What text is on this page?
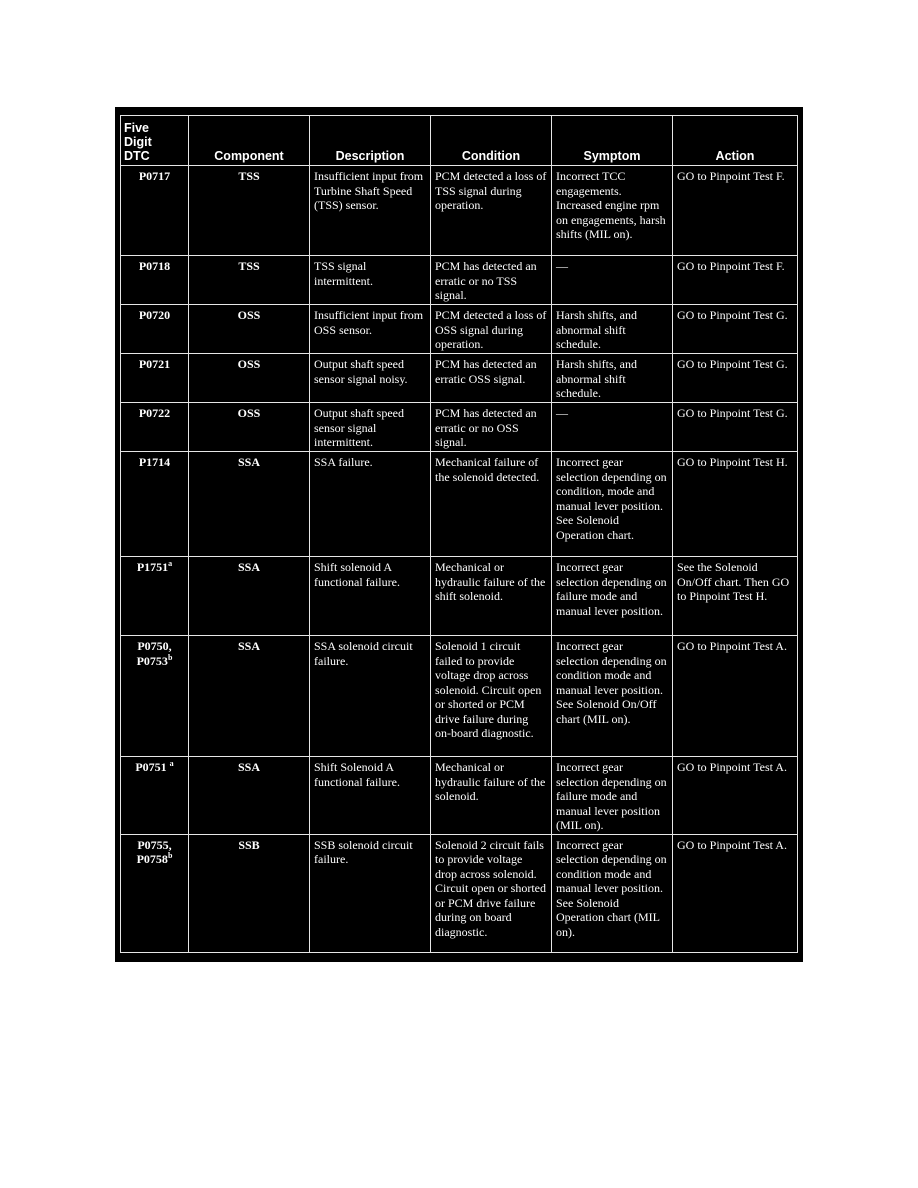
Five
Digit
DTC	Component	Description	Condition	Symptom	Action
P0717	TSS	Insufficient input from Turbine Shaft Speed (TSS) sensor.	PCM detected a loss of TSS signal during operation.	Incorrect TCC engagements. Increased engine rpm on engagements, harsh shifts (MIL on).	GO to Pinpoint Test F.
P0718	TSS	TSS signal intermittent.	PCM has detected an erratic or no TSS signal.	—	GO to Pinpoint Test F.
P0720	OSS	Insufficient input from OSS sensor.	PCM detected a loss of OSS signal during operation.	Harsh shifts, and abnormal shift schedule.	GO to Pinpoint Test G.
P0721	OSS	Output shaft speed sensor signal noisy.	PCM has detected an erratic OSS signal.	Harsh shifts, and abnormal shift schedule.	GO to Pinpoint Test G.
P0722	OSS	Output shaft speed sensor signal intermittent.	PCM has detected an erratic or no OSS signal.	—	GO to Pinpoint Test G.
P1714	SSA	SSA failure.	Mechanical failure of the solenoid detected.	Incorrect gear selection depending on condition, mode and manual lever position. See Solenoid Operation chart.	GO to Pinpoint Test H.
P1751$^a$	SSA	Shift solenoid A functional failure.	Mechanical or hydraulic failure of the shift solenoid.	Incorrect gear selection depending on failure mode and manual lever position.	See the Solenoid On/Off chart. Then GO to Pinpoint Test H.

P0750,
P0753$^b$	SSA	SSA solenoid circuit failure.	Solenoid 1 circuit failed to provide voltage drop across solenoid. Circuit open or shorted or PCM drive failure during on-board diagnostic.	Incorrect gear selection depending on condition mode and manual lever position. See Solenoid On/Off chart (MIL on).	GO to Pinpoint Test A.
P0751 $^a$	SSA	Shift Solenoid A functional failure.	Mechanical or hydraulic failure of the solenoid.	Incorrect gear selection depending on failure mode and manual lever position (MIL on).	GO to Pinpoint Test A.

P0755,
P0758$^b$	SSB	SSB solenoid circuit failure.	Solenoid 2 circuit fails to provide voltage drop across solenoid. Circuit open or shorted or PCM drive failure during on board diagnostic.	Incorrect gear selection depending on condition mode and manual lever position. See Solenoid Operation chart (MIL on).	GO to Pinpoint Test A.
